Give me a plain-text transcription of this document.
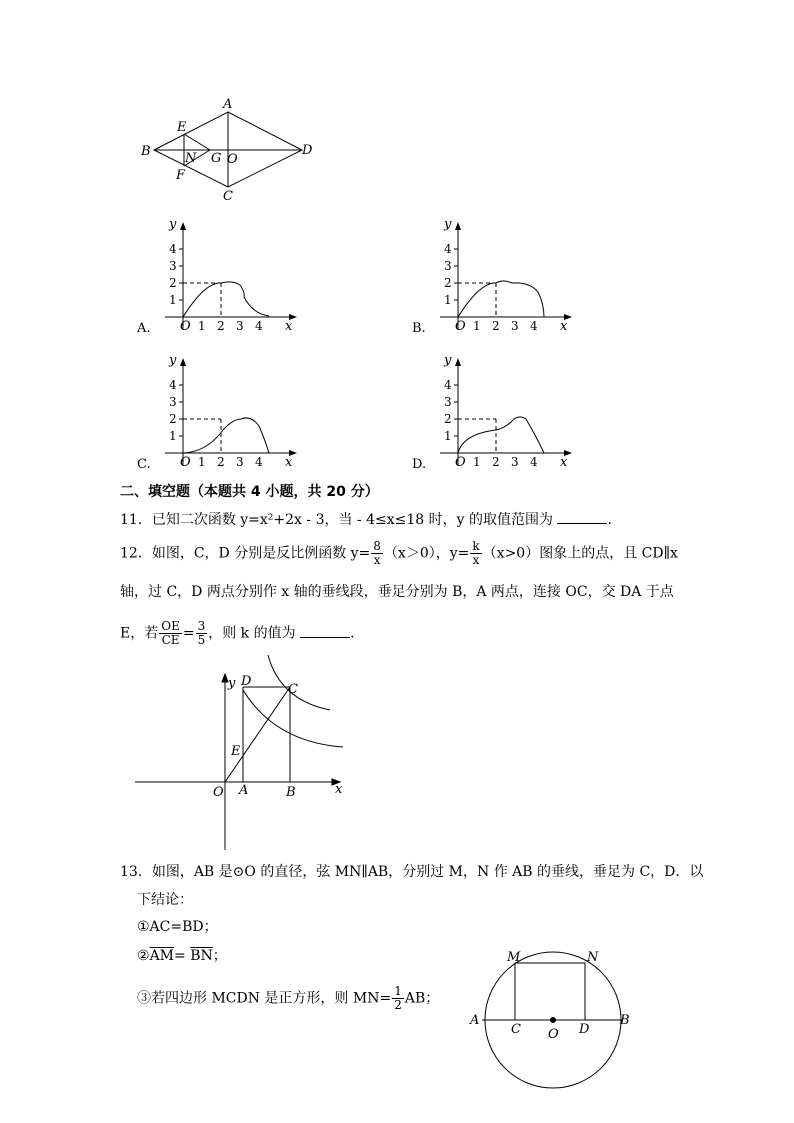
A
B
C
D
E
F
N G O
1
2
3
4
1 2 3 4
O
y
x
A.
1
2
3
4
1 2 3 4
O
y
x
B.
1
2
3
4
1 2 3 4
O
y
x
C.
1
2
3
4
1 2 3 4
O
y
x
D.
二、填空题（本题共 4 小题，共 20 分）
11．已知二次函数 y=x²+2x - 3，当 - 4≤x≤18 时，y 的取值范围为	．
12．如图，C，D 分别是反比例函数 $y= \frac{8}{x} (x>0)$，$y= \frac{k}{x} (x>0)$图象上的点，且 CD∥x
轴，过 C，D 两点分别作 x 轴的垂线段，垂足分别为 B，A 两点，连接 OC，交 DA 于点
E，若 $\frac{OE}{CE} = \frac{3}{5}$ ，则 k 的值为	．
y D
C
E
O A	B	x
13．如图，AB 是⊙O 的直径，弦 MN∥AB，分别过 M，N 作 AB 的垂线，垂足为 C，D．以
下结论：
①AC=BD；
$②\overline{AM}= \overline{BN}$；
③若四边形 MCDN 是正方形，则 $MN= \frac{1}{2}$ AB；
M	N
A	B
C O D
